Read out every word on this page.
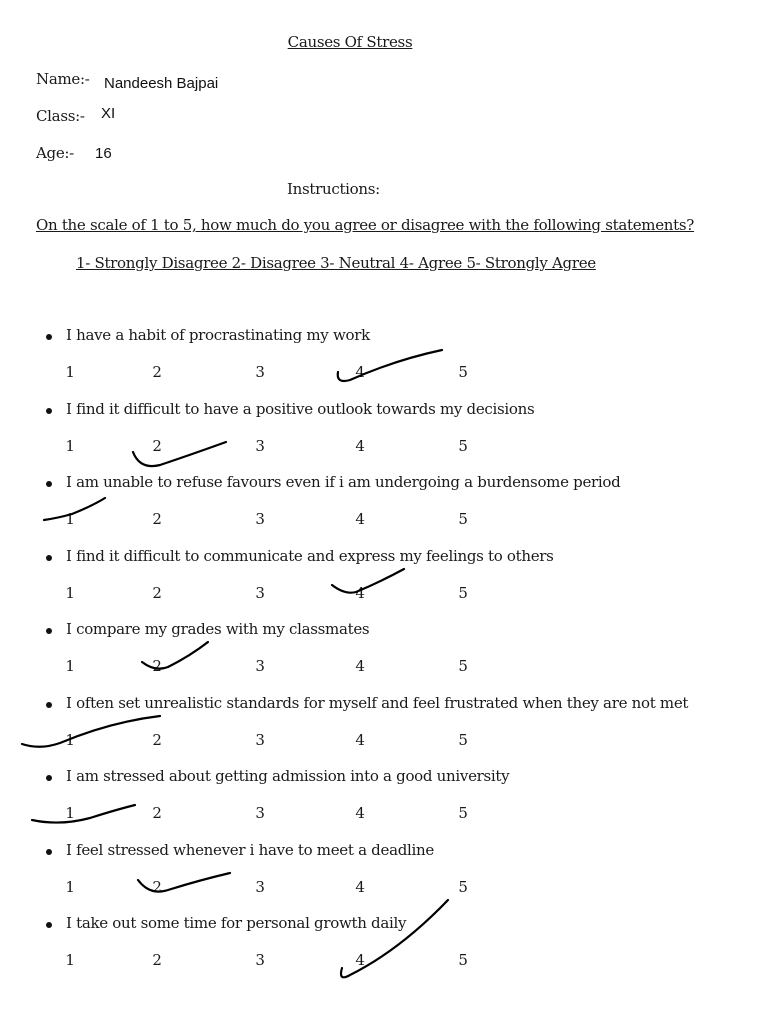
Causes Of Stress
Name:- Nandeesh Bajpai
Class:- XI
Age:- 16
Instructions:
On the scale of 1 to 5, how much do you agree or disagree with the following statements?
1- Strongly Disagree 2- Disagree 3- Neutral 4- Agree 5- Strongly Agree
I have a habit of procrastinating my work
1	2	3	4	5
I find it difficult to have a positive outlook towards my decisions
1	2	3	4	5
I am unable to refuse favours even if i am undergoing a burdensome period
1	2	3	4	5
I find it difficult to communicate and express my feelings to others
1	2	3	4	5
I compare my grades with my classmates
1	2	3	4	5
I often set unrealistic standards for myself and feel frustrated when they are not met
1	2	3	4	5
I am stressed about getting admission into a good university
1	2	3	4	5
I feel stressed whenever i have to meet a deadline
1	2	3	4	5
I take out some time for personal growth daily
1	2	3	4	5
